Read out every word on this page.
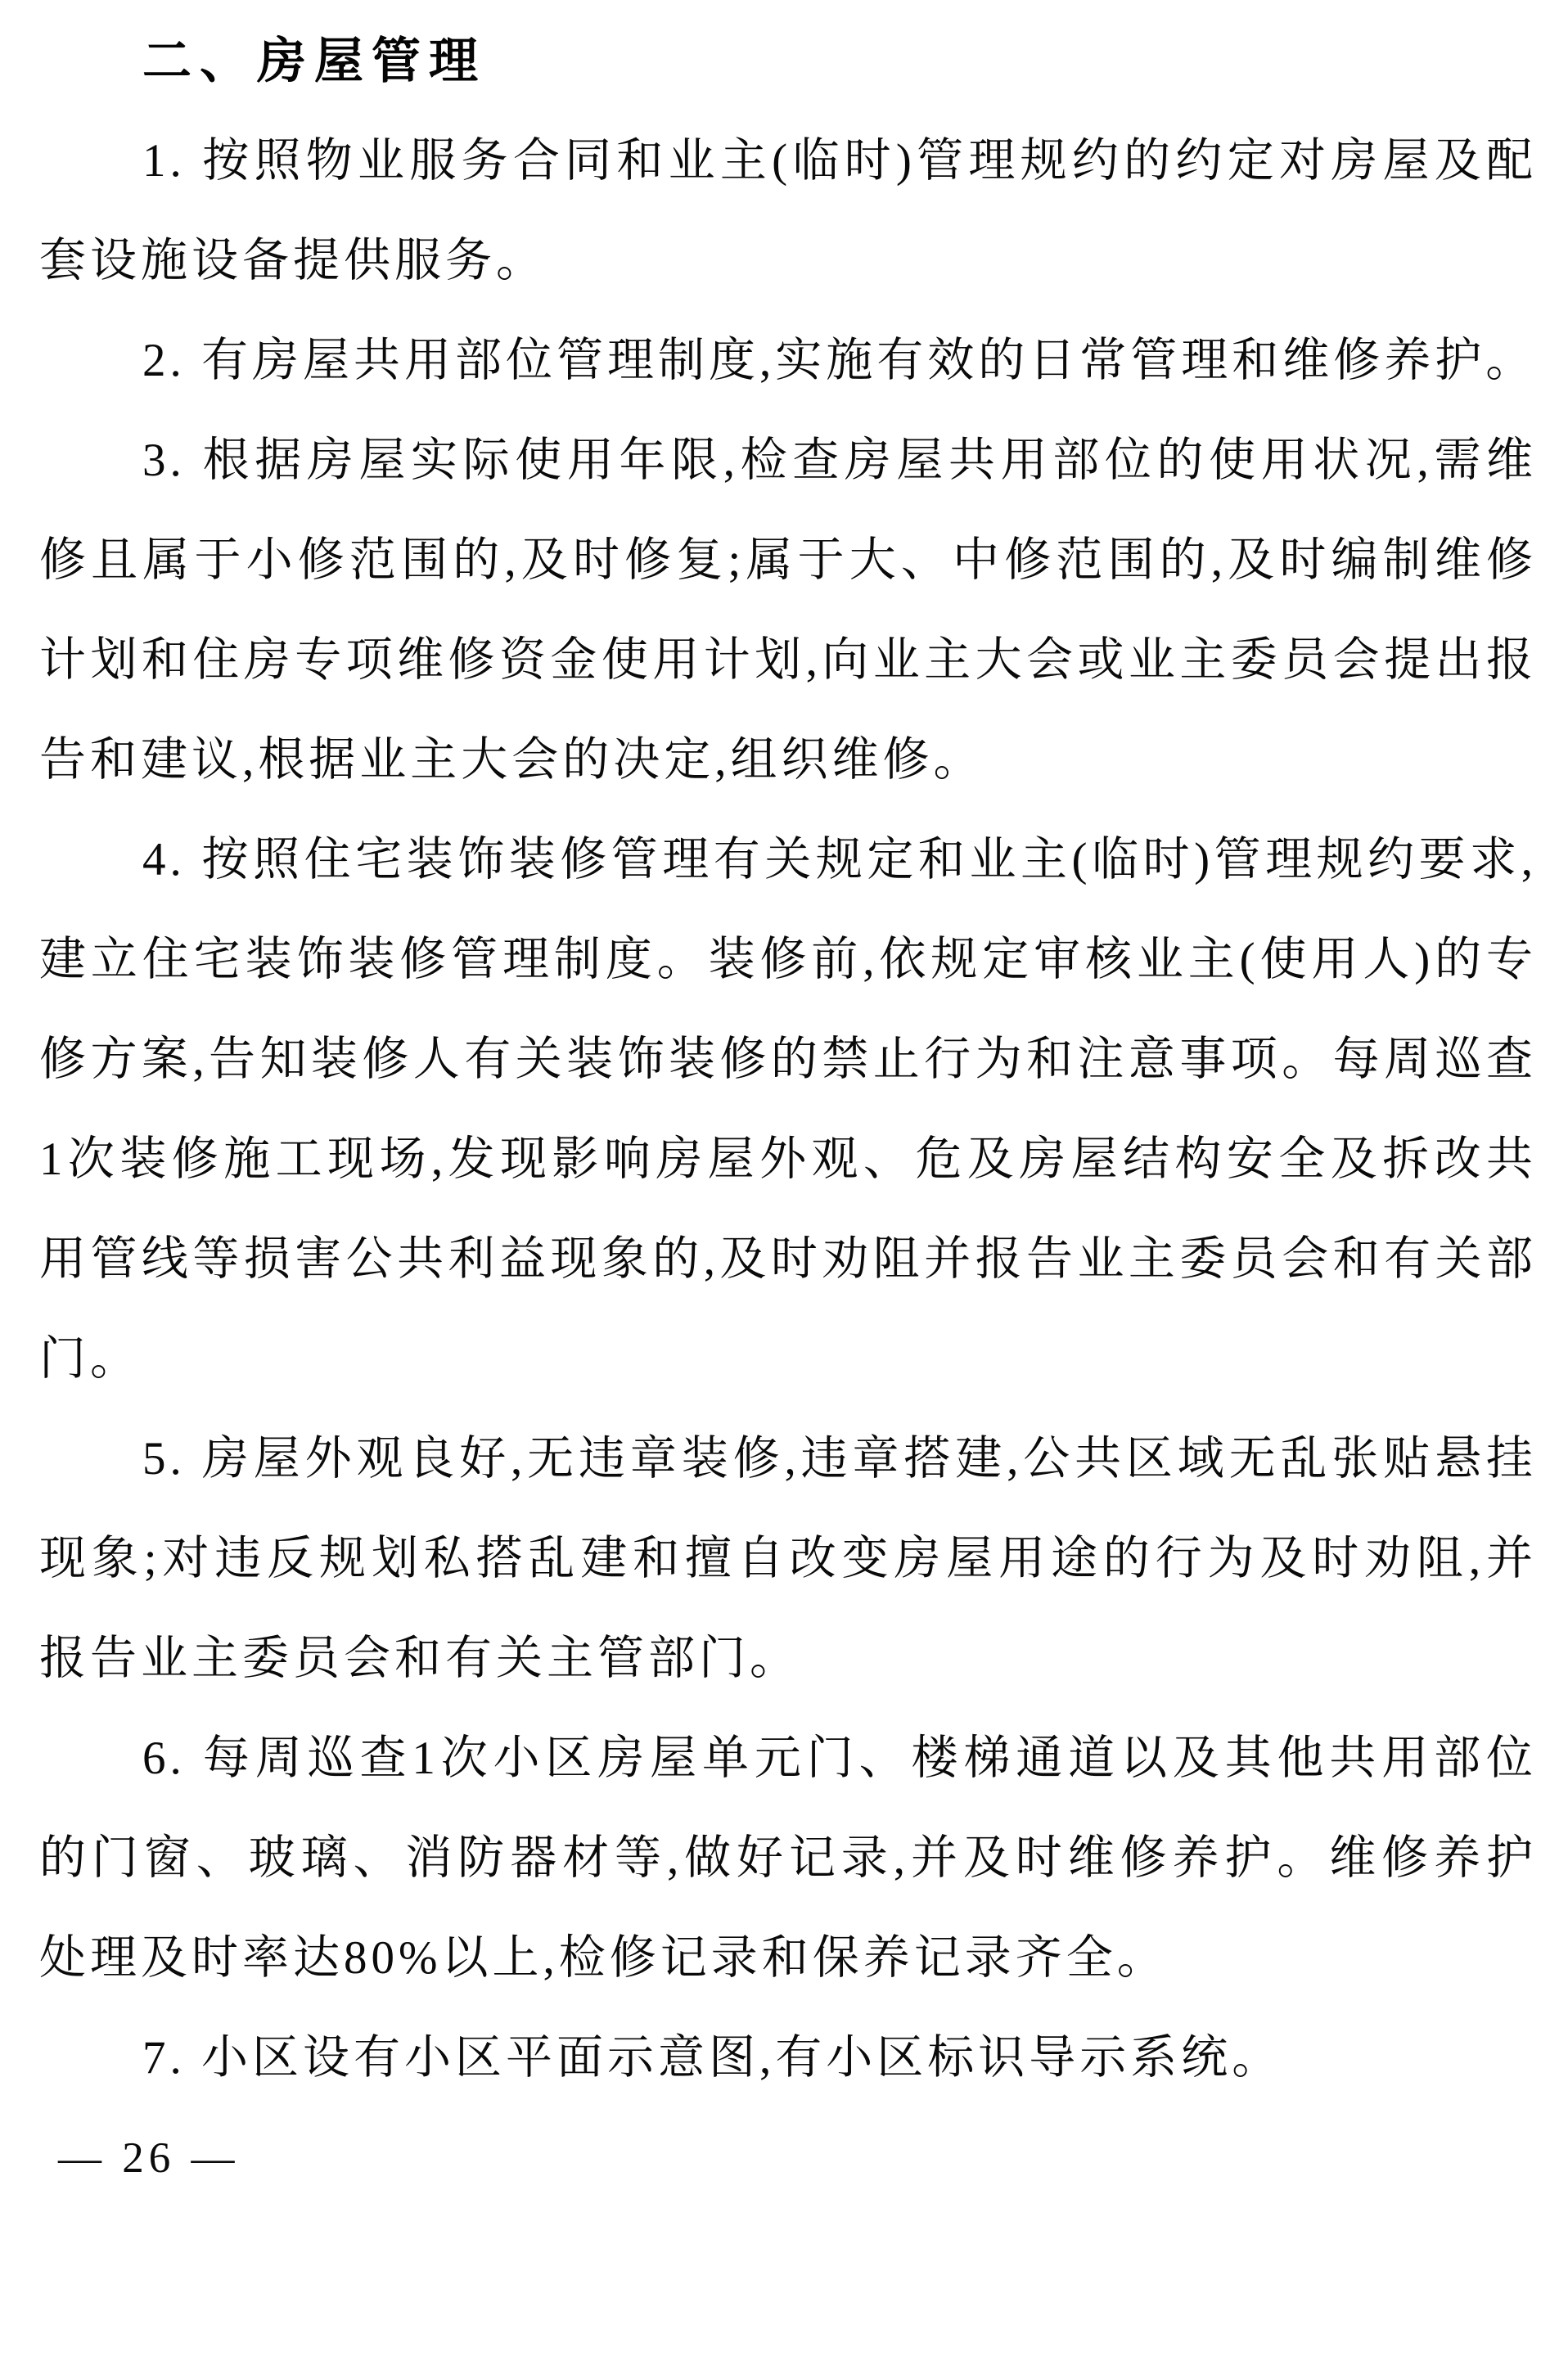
二、房屋管理

1. 按照物业服务合同和业主(临时)管理规约的约定对房屋及配套设施设备提供服务。

2. 有房屋共用部位管理制度,实施有效的日常管理和维修养护。

3. 根据房屋实际使用年限,检查房屋共用部位的使用状况,需维修且属于小修范围的,及时修复;属于大、中修范围的,及时编制维修计划和住房专项维修资金使用计划,向业主大会或业主委员会提出报告和建议,根据业主大会的决定,组织维修。

4. 按照住宅装饰装修管理有关规定和业主(临时)管理规约要求,建立住宅装饰装修管理制度。装修前,依规定审核业主(使用人)的专修方案,告知装修人有关装饰装修的禁止行为和注意事项。每周巡查1次装修施工现场,发现影响房屋外观、危及房屋结构安全及拆改共用管线等损害公共利益现象的,及时劝阻并报告业主委员会和有关部门。

5. 房屋外观良好,无违章装修,违章搭建,公共区域无乱张贴悬挂现象;对违反规划私搭乱建和擅自改变房屋用途的行为及时劝阻,并报告业主委员会和有关主管部门。

6. 每周巡查1次小区房屋单元门、楼梯通道以及其他共用部位的门窗、玻璃、消防器材等,做好记录,并及时维修养护。维修养护处理及时率达80%以上,检修记录和保养记录齐全。

7. 小区设有小区平面示意图,有小区标识导示系统。

— 26 —
